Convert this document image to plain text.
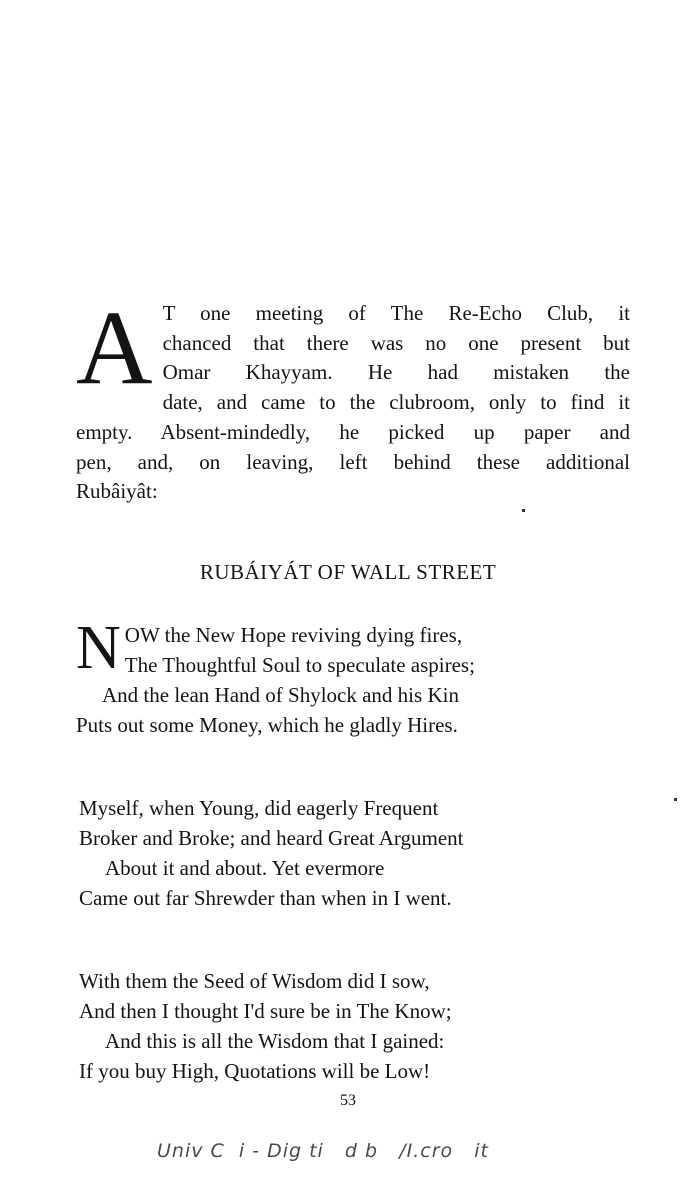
A T one meeting of The Re-Echo Club, it
chanced that there was no one present but
Omar Khayyam. He had mistaken the
date, and came to the clubroom, only to find it
empty. Absent-mindedly, he picked up paper and
pen, and, on leaving, left behind these additional
Rubâiyât:
RUBÁIYÁT OF WALL STREET
N OW the New Hope reviving dying fires,
The Thoughtful Soul to speculate aspires;
And the lean Hand of Shylock and his Kin
Puts out some Money, which he gladly Hires.
Myself, when Young, did eagerly Frequent
Broker and Broke; and heard Great Argument
About it and about. Yet evermore
Came out far Shrewder than when in I went.
With them the Seed of Wisdom did I sow,
And then I thought I'd sure be in The Know;
And this is all the Wisdom that I gained:
If you buy High, Quotations will be Low!
53
Univ C  i - Dig ti   d b   /I.cro   it
